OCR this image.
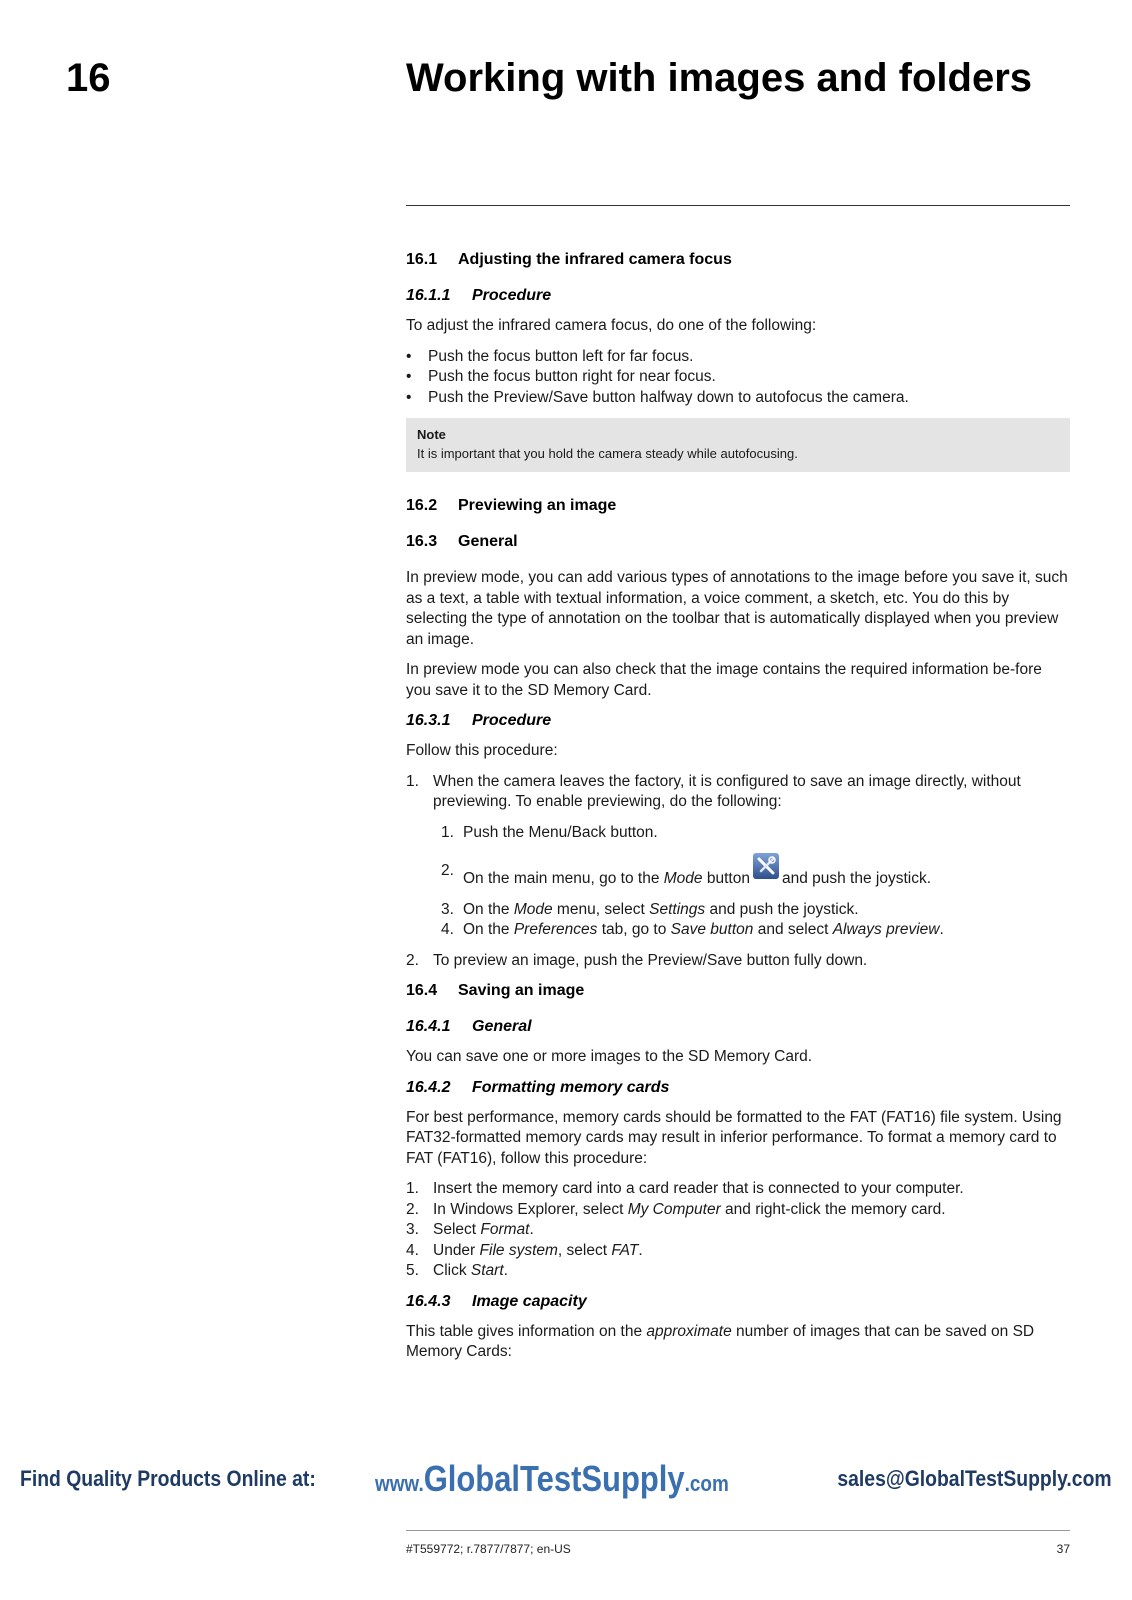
16	Working with images and folders
16.1 Adjusting the infrared camera focus
16.1.1 Procedure

To adjust the infrared camera focus, do one of the following:

• Push the focus button left for far focus.
• Push the focus button right for near focus.
• Push the Preview/Save button halfway down to autofocus the camera.
Note
It is important that you hold the camera steady while autofocusing.
16.2 Previewing an image
16.3 General

In preview mode, you can add various types of annotations to the image before you save it, such as a text, a table with textual information, a voice comment, a sketch, etc. You do this by selecting the type of annotation on the toolbar that is automatically displayed when you preview an image.

In preview mode you can also check that the image contains the required information be-fore you save it to the SD Memory Card.

16.3.1 Procedure

Follow this procedure:

1. When the camera leaves the factory, it is configured to save an image directly, without previewing. To enable previewing, do the following:
1. Push the Menu/Back button.
2. On the main menu, go to the Mode button and push the joystick.
3. On the Mode menu, select Settings and push the joystick.
4. On the Preferences tab, go to Save button and select Always preview.
2. To preview an image, push the Preview/Save button fully down.
16.4 Saving an image
16.4.1 General

You can save one or more images to the SD Memory Card.

16.4.2 Formatting memory cards

For best performance, memory cards should be formatted to the FAT (FAT16) file system. Using FAT32-formatted memory cards may result in inferior performance. To format a memory card to FAT (FAT16), follow this procedure:

1. Insert the memory card into a card reader that is connected to your computer.
2. In Windows Explorer, select My Computer and right-click the memory card.
3. Select Format.
4. Under File system, select FAT.
5. Click Start.
16.4.3 Image capacity

This table gives information on the approximate number of images that can be saved on SD Memory Cards:

Find Quality Products Online at:	www.GlobalTestSupply.com	sales@GlobalTestSupply.com
#T559772; r.7877/7877; en-US	37
